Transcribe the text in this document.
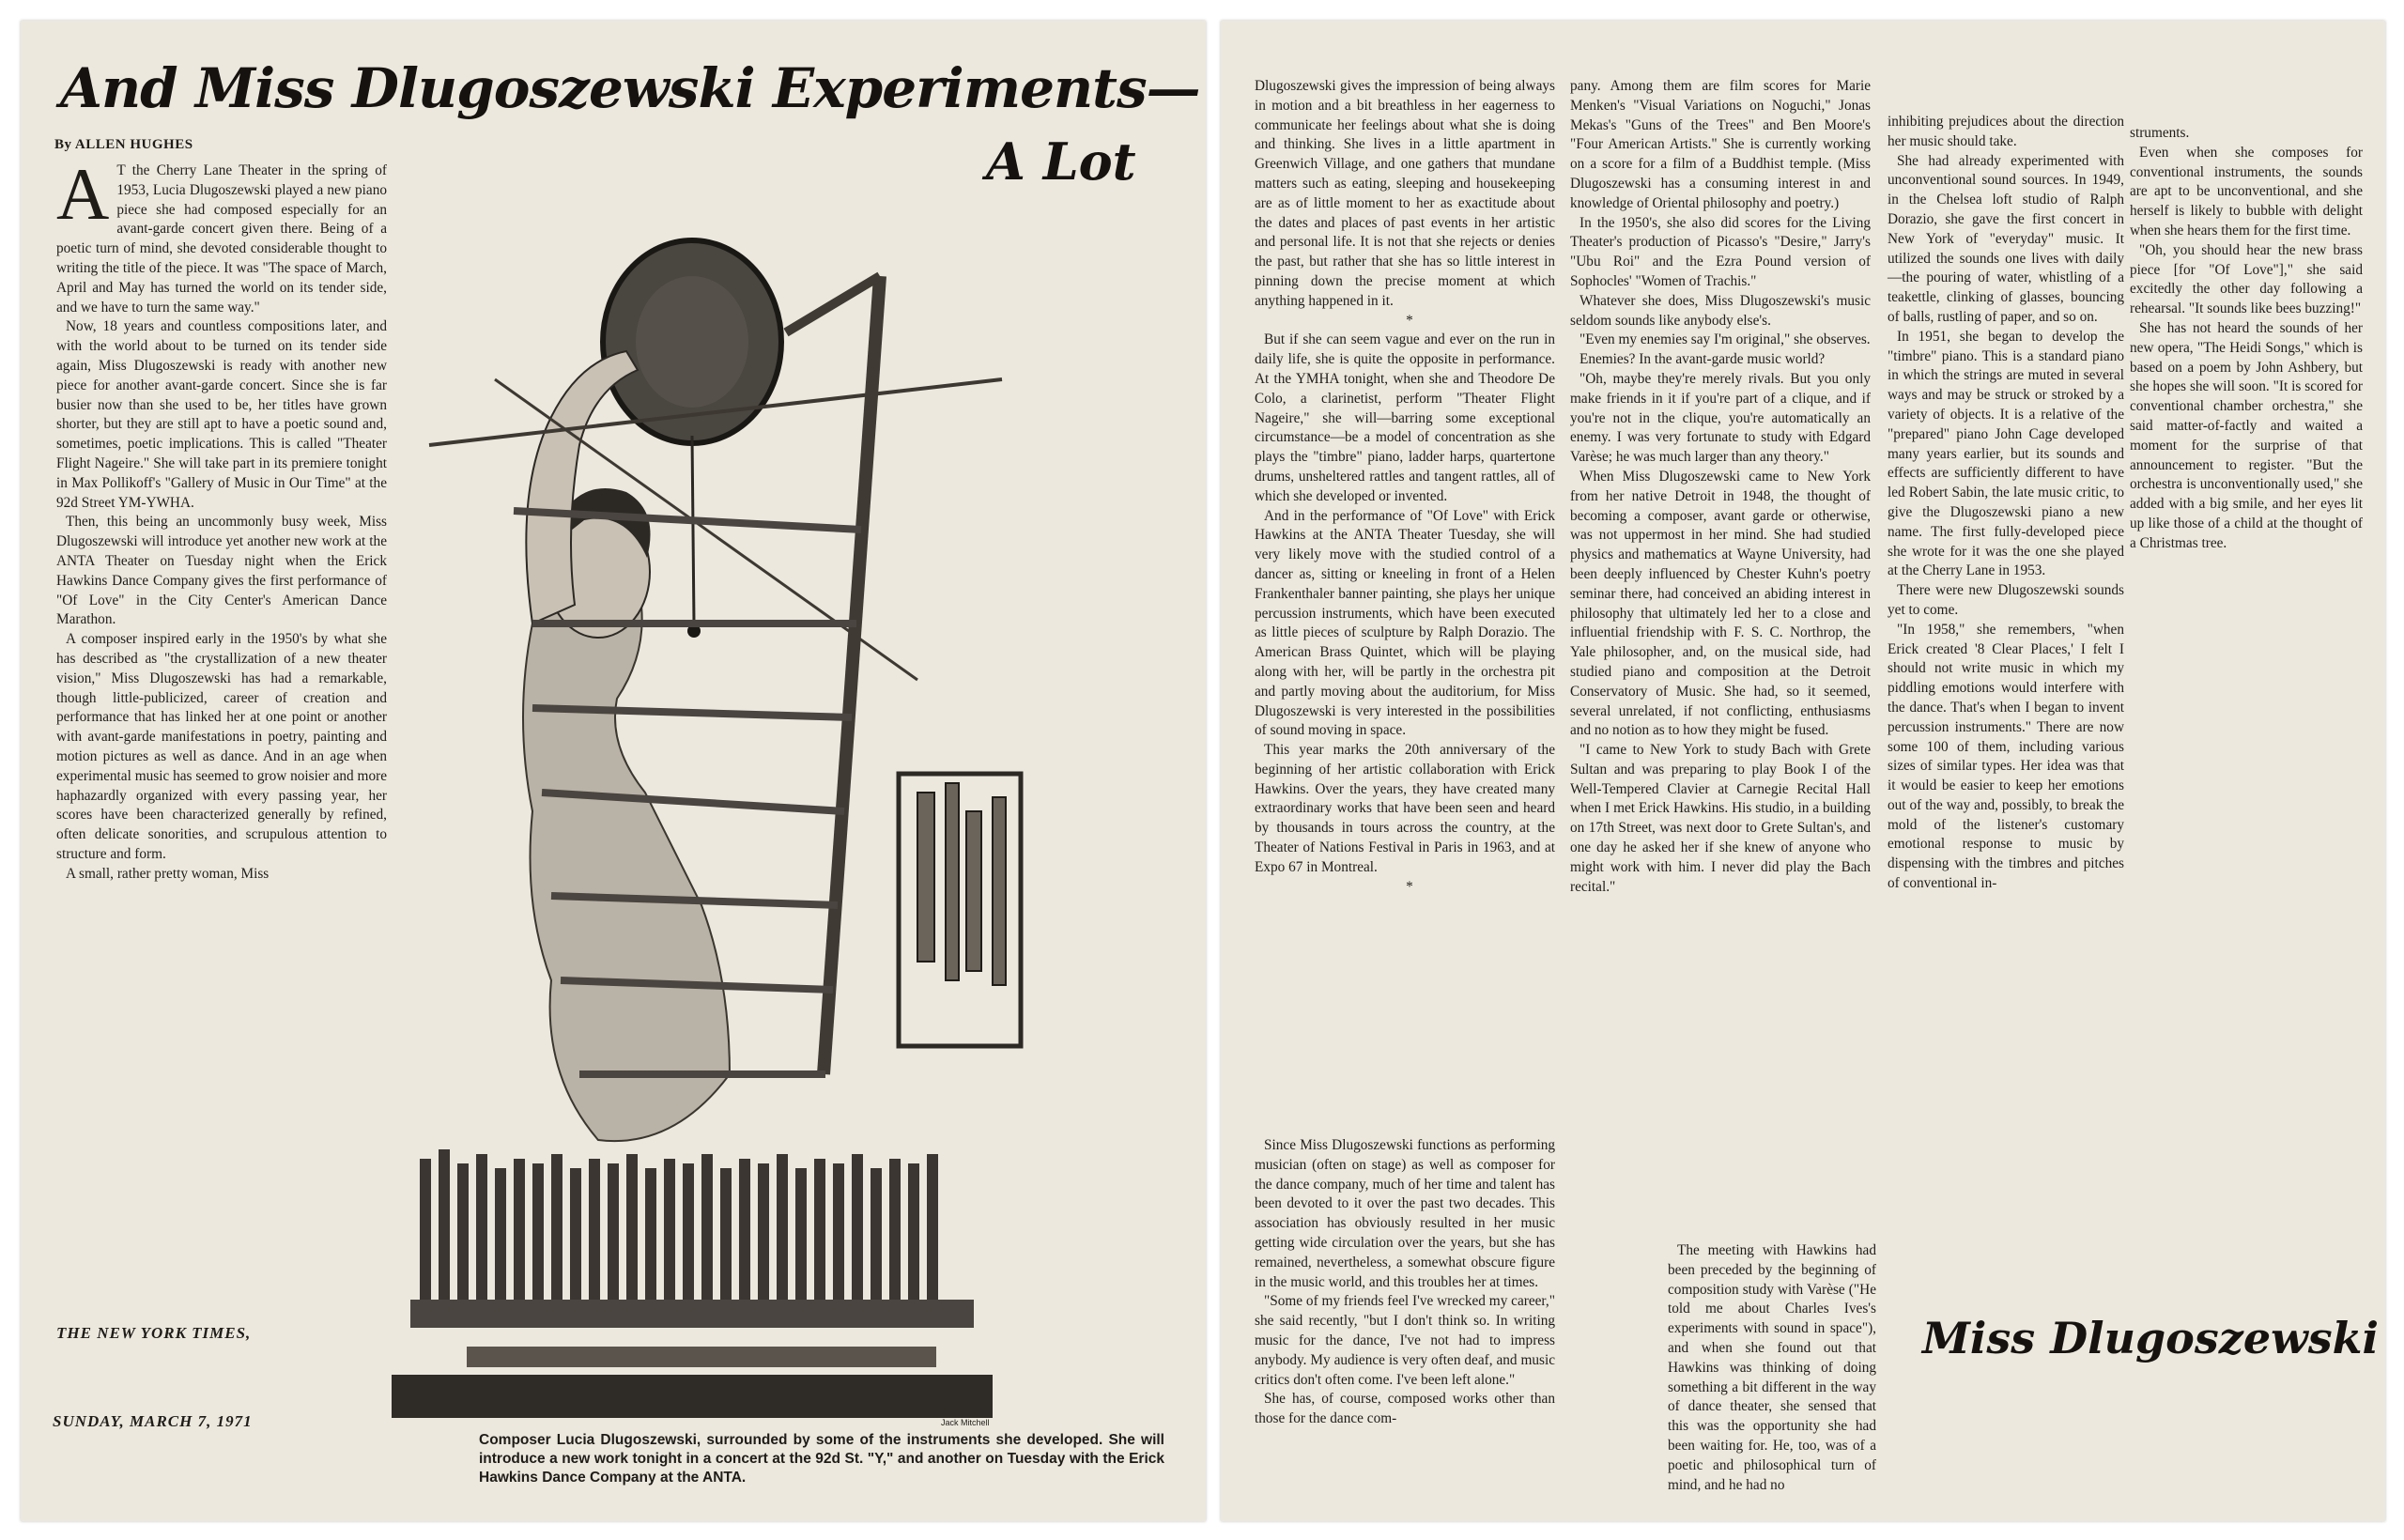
And Miss Dlugoszewski Experiments—
A Lot
By ALLEN HUGHES

A T the Cherry Lane Theater in the spring of 1953, Lucia Dlugoszewski played a new piano piece she had composed especially for an avant-garde concert given there. Being of a poetic turn of mind, she devoted considerable thought to writing the title of the piece. It was "The space of March, April and May has turned the world on its tender side, and we have to turn the same way."

Now, 18 years and countless compositions later, and with the world about to be turned on its tender side again, Miss Dlugoszewski is ready with another new piece for another avant-garde concert. Since she is far busier now than she used to be, her titles have grown shorter, but they are still apt to have a poetic sound and, sometimes, poetic implications. This is called "Theater Flight Nageire." She will take part in its premiere tonight in Max Pollikoff's "Gallery of Music in Our Time" at the 92d Street YM-YWHA.

Then, this being an uncommonly busy week, Miss Dlugoszewski will introduce yet another new work at the ANTA Theater on Tuesday night when the Erick Hawkins Dance Company gives the first performance of "Of Love" in the City Center's American Dance Marathon.

A composer inspired early in the 1950's by what she has described as "the crystallization of a new theater vision," Miss Dlugoszewski has had a remarkable, though little-publicized, career of creation and performance that has linked her at one point or another with avant-garde manifestations in poetry, painting and motion pictures as well as dance. And in an age when experimental music has seemed to grow noisier and more haphazardly organized with every passing year, her scores have been characterized generally by refined, often delicate sonorities, and scrupulous attention to structure and form.

A small, rather pretty woman, Miss

Jack Mitchell
Composer Lucia Dlugoszewski, surrounded by some of the instruments she developed. She will introduce a new work tonight in a concert at the 92d St. "Y," and another on Tuesday with the Erick Hawkins Dance Company at the ANTA.
THE NEW YORK TIMES,
SUNDAY, MARCH 7, 1971

Dlugoszewski gives the impression of being always in motion and a bit breathless in her eagerness to communicate her feelings about what she is doing and thinking. She lives in a little apartment in Greenwich Village, and one gathers that mundane matters such as eating, sleeping and housekeeping are as of little moment to her as exactitude about the dates and places of past events in her artistic and personal life. It is not that she rejects or denies the past, but rather that she has so little interest in pinning down the precise moment at which anything happened in it.

*

But if she can seem vague and ever on the run in daily life, she is quite the opposite in performance. At the YMHA tonight, when she and Theodore De Colo, a clarinetist, perform "Theater Flight Nageire," she will—barring some exceptional circumstance—be a model of concentration as she plays the "timbre" piano, ladder harps, quartertone drums, unsheltered rattles and tangent rattles, all of which she developed or invented.

And in the performance of "Of Love" with Erick Hawkins at the ANTA Theater Tuesday, she will very likely move with the studied control of a dancer as, sitting or kneeling in front of a Helen Frankenthaler banner painting, she plays her unique percussion instruments, which have been executed as little pieces of sculpture by Ralph Dorazio. The American Brass Quintet, which will be playing along with her, will be partly in the orchestra pit and partly moving about the auditorium, for Miss Dlugoszewski is very interested in the possibilities of sound moving in space.

This year marks the 20th anniversary of the beginning of her artistic collaboration with Erick Hawkins. Over the years, they have created many extraordinary works that have been seen and heard by thousands in tours across the country, at the Theater of Nations Festival in Paris in 1963, and at Expo 67 in Montreal.

*

Since Miss Dlugoszewski functions as performing musician (often on stage) as well as composer for the dance company, much of her time and talent has been devoted to it over the past two decades. This association has obviously resulted in her music getting wide circulation over the years, but she has remained, nevertheless, a somewhat obscure figure in the music world, and this troubles her at times.

"Some of my friends feel I've wrecked my career," she said recently, "but I don't think so. In writing music for the dance, I've not had to impress anybody. My audience is very often deaf, and music critics don't often come. I've been left alone."

She has, of course, composed works other than those for the dance com-

pany. Among them are film scores for Marie Menken's "Visual Variations on Noguchi," Jonas Mekas's "Guns of the Trees" and Ben Moore's "Four American Artists." She is currently working on a score for a film of a Buddhist temple. (Miss Dlugoszewski has a consuming interest in and knowledge of Oriental philosophy and poetry.)

In the 1950's, she also did scores for the Living Theater's production of Picasso's "Desire," Jarry's "Ubu Roi" and the Ezra Pound version of Sophocles' "Women of Trachis."

Whatever she does, Miss Dlugoszewski's music seldom sounds like anybody else's.

"Even my enemies say I'm original," she observes.

Enemies? In the avant-garde music world?

"Oh, maybe they're merely rivals. But you only make friends in it if you're part of a clique, and if you're not in the clique, you're automatically an enemy. I was very fortunate to study with Edgard Varèse; he was much larger than any theory."

When Miss Dlugoszewski came to New York from her native Detroit in 1948, the thought of becoming a composer, avant garde or otherwise, was not uppermost in her mind. She had studied physics and mathematics at Wayne University, had been deeply influenced by Chester Kuhn's poetry seminar there, had conceived an abiding interest in philosophy that ultimately led her to a close and influential friendship with F. S. C. Northrop, the Yale philosopher, and, on the musical side, had studied piano and composition at the Detroit Conservatory of Music. She had, so it seemed, several unrelated, if not conflicting, enthusiasms and no notion as to how they might be fused.

"I came to New York to study Bach with Grete Sultan and was preparing to play Book I of the Well-Tempered Clavier at Carnegie Recital Hall when I met Erick Hawkins. His studio, in a building on 17th Street, was next door to Grete Sultan's, and one day he asked her if she knew of anyone who might work with him. I never did play the Bach recital."

inhibiting prejudices about the direction her music should take.

She had already experimented with unconventional sound sources. In 1949, in the Chelsea loft studio of Ralph Dorazio, she gave the first concert in New York of "everyday" music. It utilized the sounds one lives with daily—the pouring of water, whistling of a teakettle, clinking of glasses, bouncing of balls, rustling of paper, and so on.

In 1951, she began to develop the "timbre" piano. This is a standard piano in which the strings are muted in several ways and may be struck or stroked by a variety of objects. It is a relative of the "prepared" piano John Cage developed many years earlier, but its sounds and effects are sufficiently different to have led Robert Sabin, the late music critic, to give the Dlugoszewski piano a new name. The first fully-developed piece she wrote for it was the one she played at the Cherry Lane in 1953.

There were new Dlugoszewski sounds yet to come.

"In 1958," she remembers, "when Erick created '8 Clear Places,' I felt I should not write music in which my piddling emotions would interfere with the dance. That's when I began to invent percussion instruments." There are now some 100 of them, including various sizes of similar types. Her idea was that it would be easier to keep her emotions out of the way and, possibly, to break the mold of the listener's customary emotional response to music by dispensing with the timbres and pitches of conventional in-

The meeting with Hawkins had been preceded by the beginning of composition study with Varèse ("He told me about Charles Ives's experiments with sound in space"), and when she found out that Hawkins was thinking of doing something a bit different in the way of dance theater, she sensed that this was the opportunity she had been waiting for. He, too, was of a poetic and philosophical turn of mind, and he had no

struments.

Even when she composes for conventional instruments, the sounds are apt to be unconventional, and she herself is likely to bubble with delight when she hears them for the first time.

"Oh, you should hear the new brass piece [for "Of Love"]," she said excitedly the other day following a rehearsal. "It sounds like bees buzzing!"

She has not heard the sounds of her new opera, "The Heidi Songs," which is based on a poem by John Ashbery, but she hopes she will soon. "It is scored for conventional chamber orchestra," she said matter-of-factly and waited a moment for the surprise of that announcement to register. "But the orchestra is unconventionally used," she added with a big smile, and her eyes lit up like those of a child at the thought of a Christmas tree.

Miss Dlugoszewski
